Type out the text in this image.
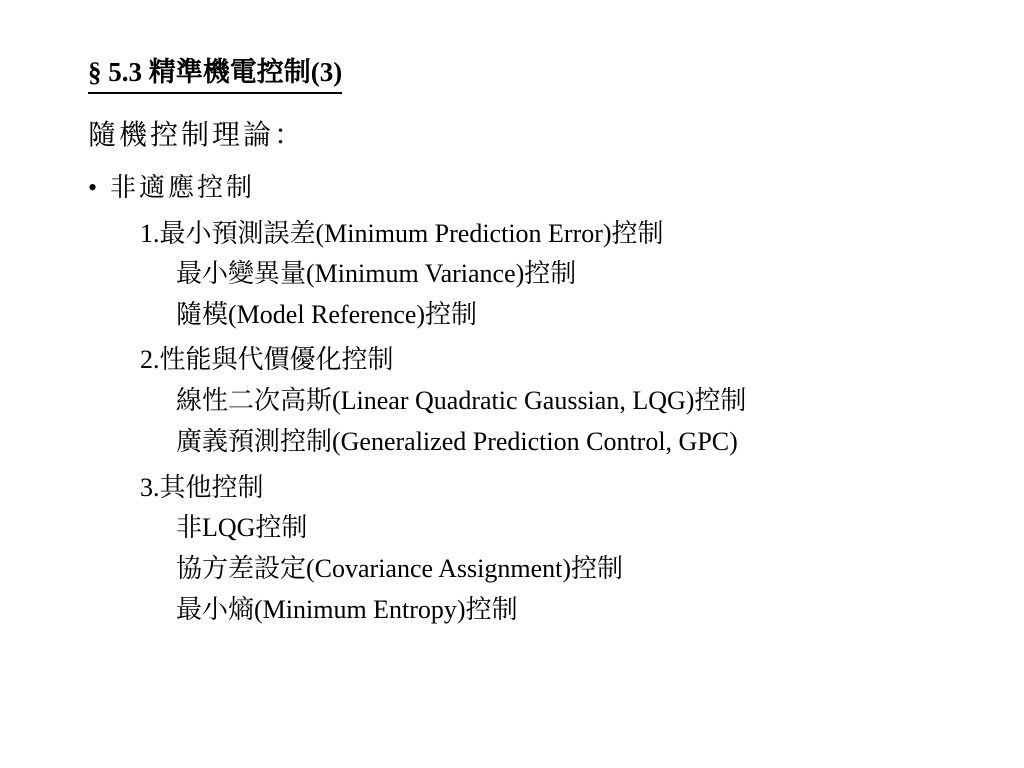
§ 5.3 精準機電控制(3)
隨機控制理論：
• 非適應控制
1.最小預測誤差(Minimum Prediction Error)控制
最小變異量(Minimum Variance)控制
隨模(Model Reference)控制
2.性能與代價優化控制
線性二次高斯(Linear Quadratic Gaussian, LQG)控制
廣義預測控制(Generalized Prediction Control, GPC)
3.其他控制
非LQG控制
協方差設定(Covariance Assignment)控制
最小熵(Minimum Entropy)控制
